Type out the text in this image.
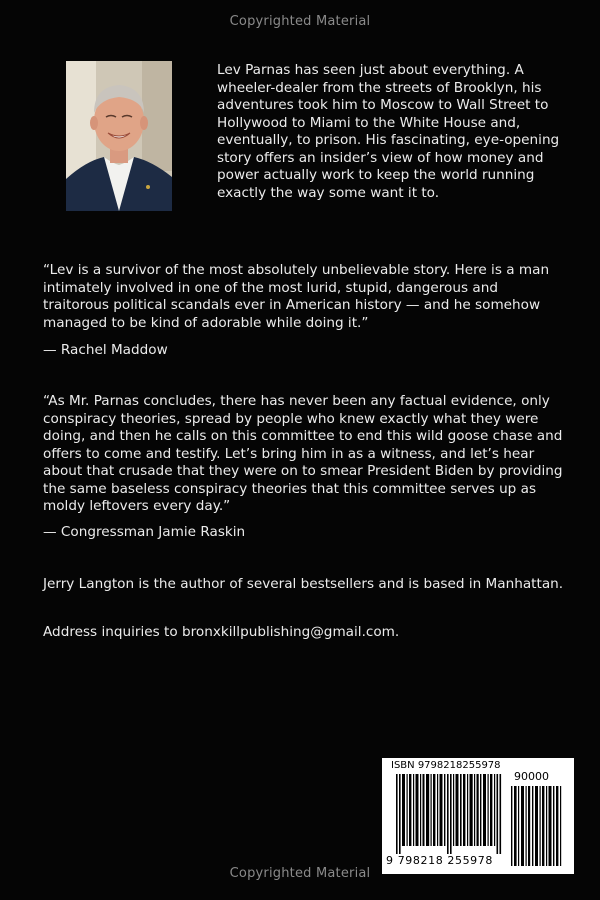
Copyrighted Material
Lev Parnas has seen just about everything. A wheeler-dealer from the streets of Brooklyn, his adventures took him to Moscow to Wall Street to Hollywood to Miami to the White House and, eventually, to prison. His fascinating, eye-opening story offers an insider’s view of how money and power actually work to keep the world running exactly the way some want it to.
“Lev is a survivor of the most absolutely unbelievable story. Here is a man intimately involved in one of the most lurid, stupid, dangerous and traitorous political scandals ever in American history — and he somehow managed to be kind of adorable while doing it.”
— Rachel Maddow
“As Mr. Parnas concludes, there has never been any factual evidence, only conspiracy theories, spread by people who knew exactly what they were doing, and then he calls on this committee to end this wild goose chase and offers to come and testify. Let’s bring him in as a witness, and let’s hear about that crusade that they were on to smear President Biden by providing the same baseless conspiracy theories that this committee serves up as moldy leftovers every day.”
— Congressman Jamie Raskin
Jerry Langton is the author of several bestsellers and is based in Manhattan.
Address inquiries to bronxkillpublishing@gmail.com.
ISBN 9798218255978
90000
9 798218 255978
Copyrighted Material
